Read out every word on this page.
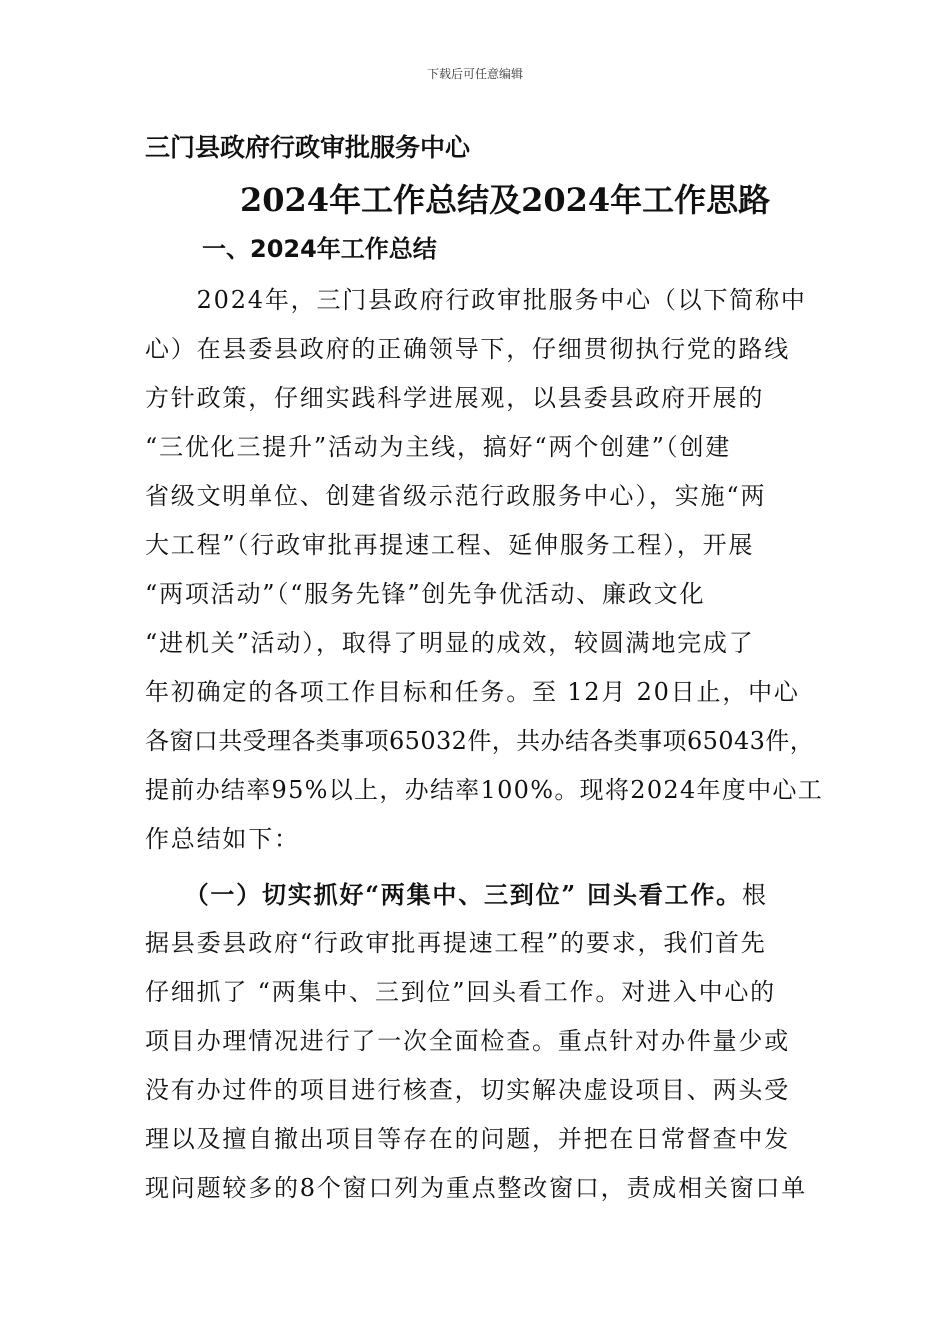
下载后可任意编辑
三门县政府行政审批服务中心
2024年工作总结及2024年工作思路
一、2024年工作总结
　　2024年，三门县政府行政审批服务中心（以下简称中
心）在县委县政府的正确领导下，仔细贯彻执行党的路线
方针政策，仔细实践科学进展观，以县委县政府开展的
“三优化三提升”活动为主线，搞好“两个创建”（创建
省级文明单位、创建省级示范行政服务中心），实施“两
大工程”（行政审批再提速工程、延伸服务工程），开展
“两项活动”（“服务先锋”创先争优活动、廉政文化
“进机关”活动），取得了明显的成效，较圆满地完成了
年初确定的各项工作目标和任务。至 12月 20日止，中心
各窗口共受理各类事项65032件，共办结各类事项65043件，
提前办结率95%以上，办结率100%。现将2024年度中心工
作总结如下：
　　（一）切实抓好“两集中、三到位” 回头看工作。根
据县委县政府“行政审批再提速工程”的要求，我们首先
仔细抓了 “两集中、三到位”回头看工作。对进入中心的
项目办理情况进行了一次全面检查。重点针对办件量少或
没有办过件的项目进行核查，切实解决虚设项目、两头受
理以及擅自撤出项目等存在的问题，并把在日常督查中发
现问题较多的8个窗口列为重点整改窗口，责成相关窗口单
